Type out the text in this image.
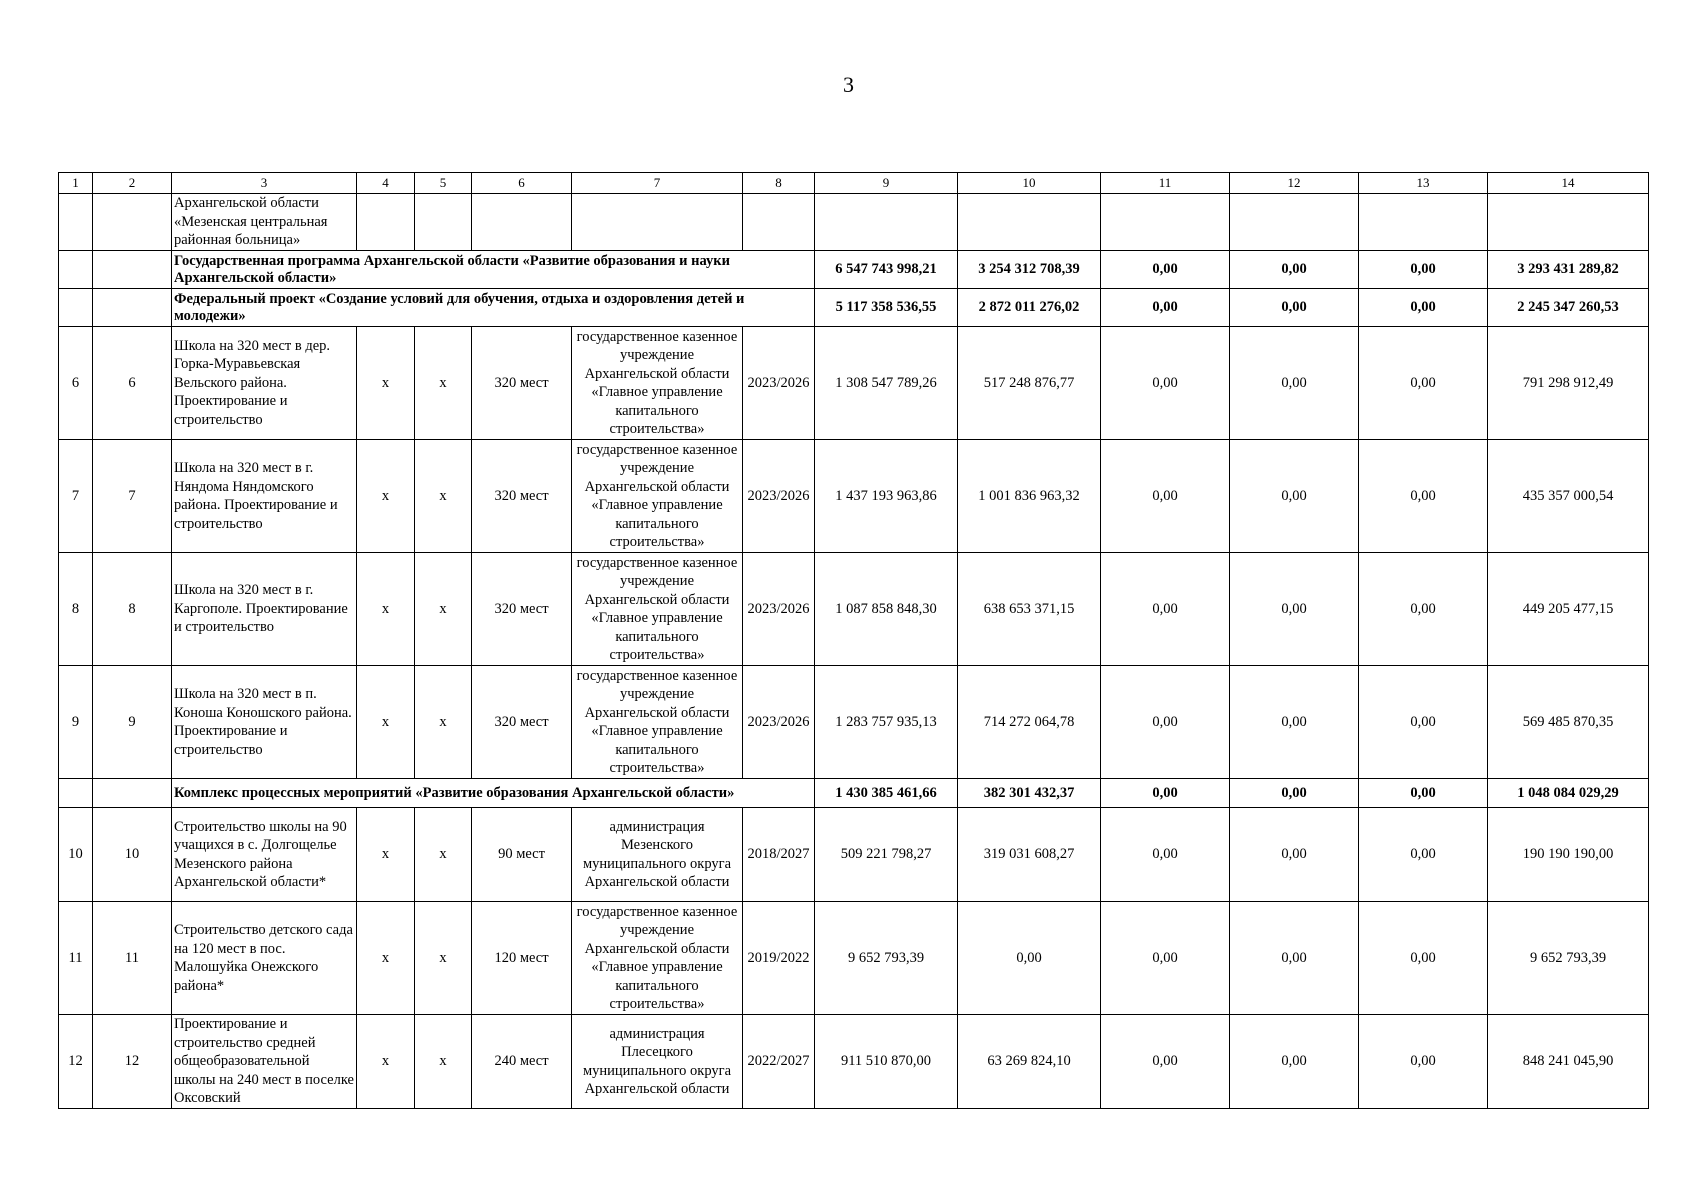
3
1	2	3	4	5	6	7	8	9	10	11	12	13	14
		Архангельской области «Мезенская центральная районная больница»											
		Государственная программа Архангельской области «Развитие образования и науки Архангельской области»						6 547 743 998,21	3 254 312 708,39	0,00	0,00	0,00	3 293 431 289,82
		Федеральный проект «Создание условий для обучения, отдыха и оздоровления детей и молодежи»						5 117 358 536,55	2 872 011 276,02	0,00	0,00	0,00	2 245 347 260,53
6	6	Школа на 320 мест в дер. Горка-Муравьевская Вельского района. Проектирование и строительство	х	х	320 мест	государственное казенное учреждение Архангельской области «Главное управление капитального строительства»	2023/2026	1 308 547 789,26	517 248 876,77	0,00	0,00	0,00	791 298 912,49
7	7	Школа на 320 мест в г. Няндома Няндомского района. Проектирование и строительство	х	х	320 мест	государственное казенное учреждение Архангельской области «Главное управление капитального строительства»	2023/2026	1 437 193 963,86	1 001 836 963,32	0,00	0,00	0,00	435 357 000,54
8	8	Школа на 320 мест в г. Каргополе. Проектирование и строительство	х	х	320 мест	государственное казенное учреждение Архангельской области «Главное управление капитального строительства»	2023/2026	1 087 858 848,30	638 653 371,15	0,00	0,00	0,00	449 205 477,15
9	9	Школа на 320 мест в п. Коноша Коношского района. Проектирование и строительство	х	х	320 мест	государственное казенное учреждение Архангельской области «Главное управление капитального строительства»	2023/2026	1 283 757 935,13	714 272 064,78	0,00	0,00	0,00	569 485 870,35
		Комплекс процессных мероприятий «Развитие образования Архангельской области»						1 430 385 461,66	382 301 432,37	0,00	0,00	0,00	1 048 084 029,29
10	10	Строительство школы на 90 учащихся в с. Долгощелье Мезенского района Архангельской области*	х	х	90 мест	администрация Мезенского муниципального округа Архангельской области	2018/2027	509 221 798,27	319 031 608,27	0,00	0,00	0,00	190 190 190,00
11	11	Строительство детского сада на 120 мест в пос. Малошуйка Онежского района*	х	х	120 мест	государственное казенное учреждение Архангельской области «Главное управление капитального строительства»	2019/2022	9 652 793,39	0,00	0,00	0,00	0,00	9 652 793,39
12	12	Проектирование и строительство средней общеобразовательной школы на 240 мест в поселке Оксовский	х	х	240 мест	администрация Плесецкого муниципального округа Архангельской области	2022/2027	911 510 870,00	63 269 824,10	0,00	0,00	0,00	848 241 045,90
